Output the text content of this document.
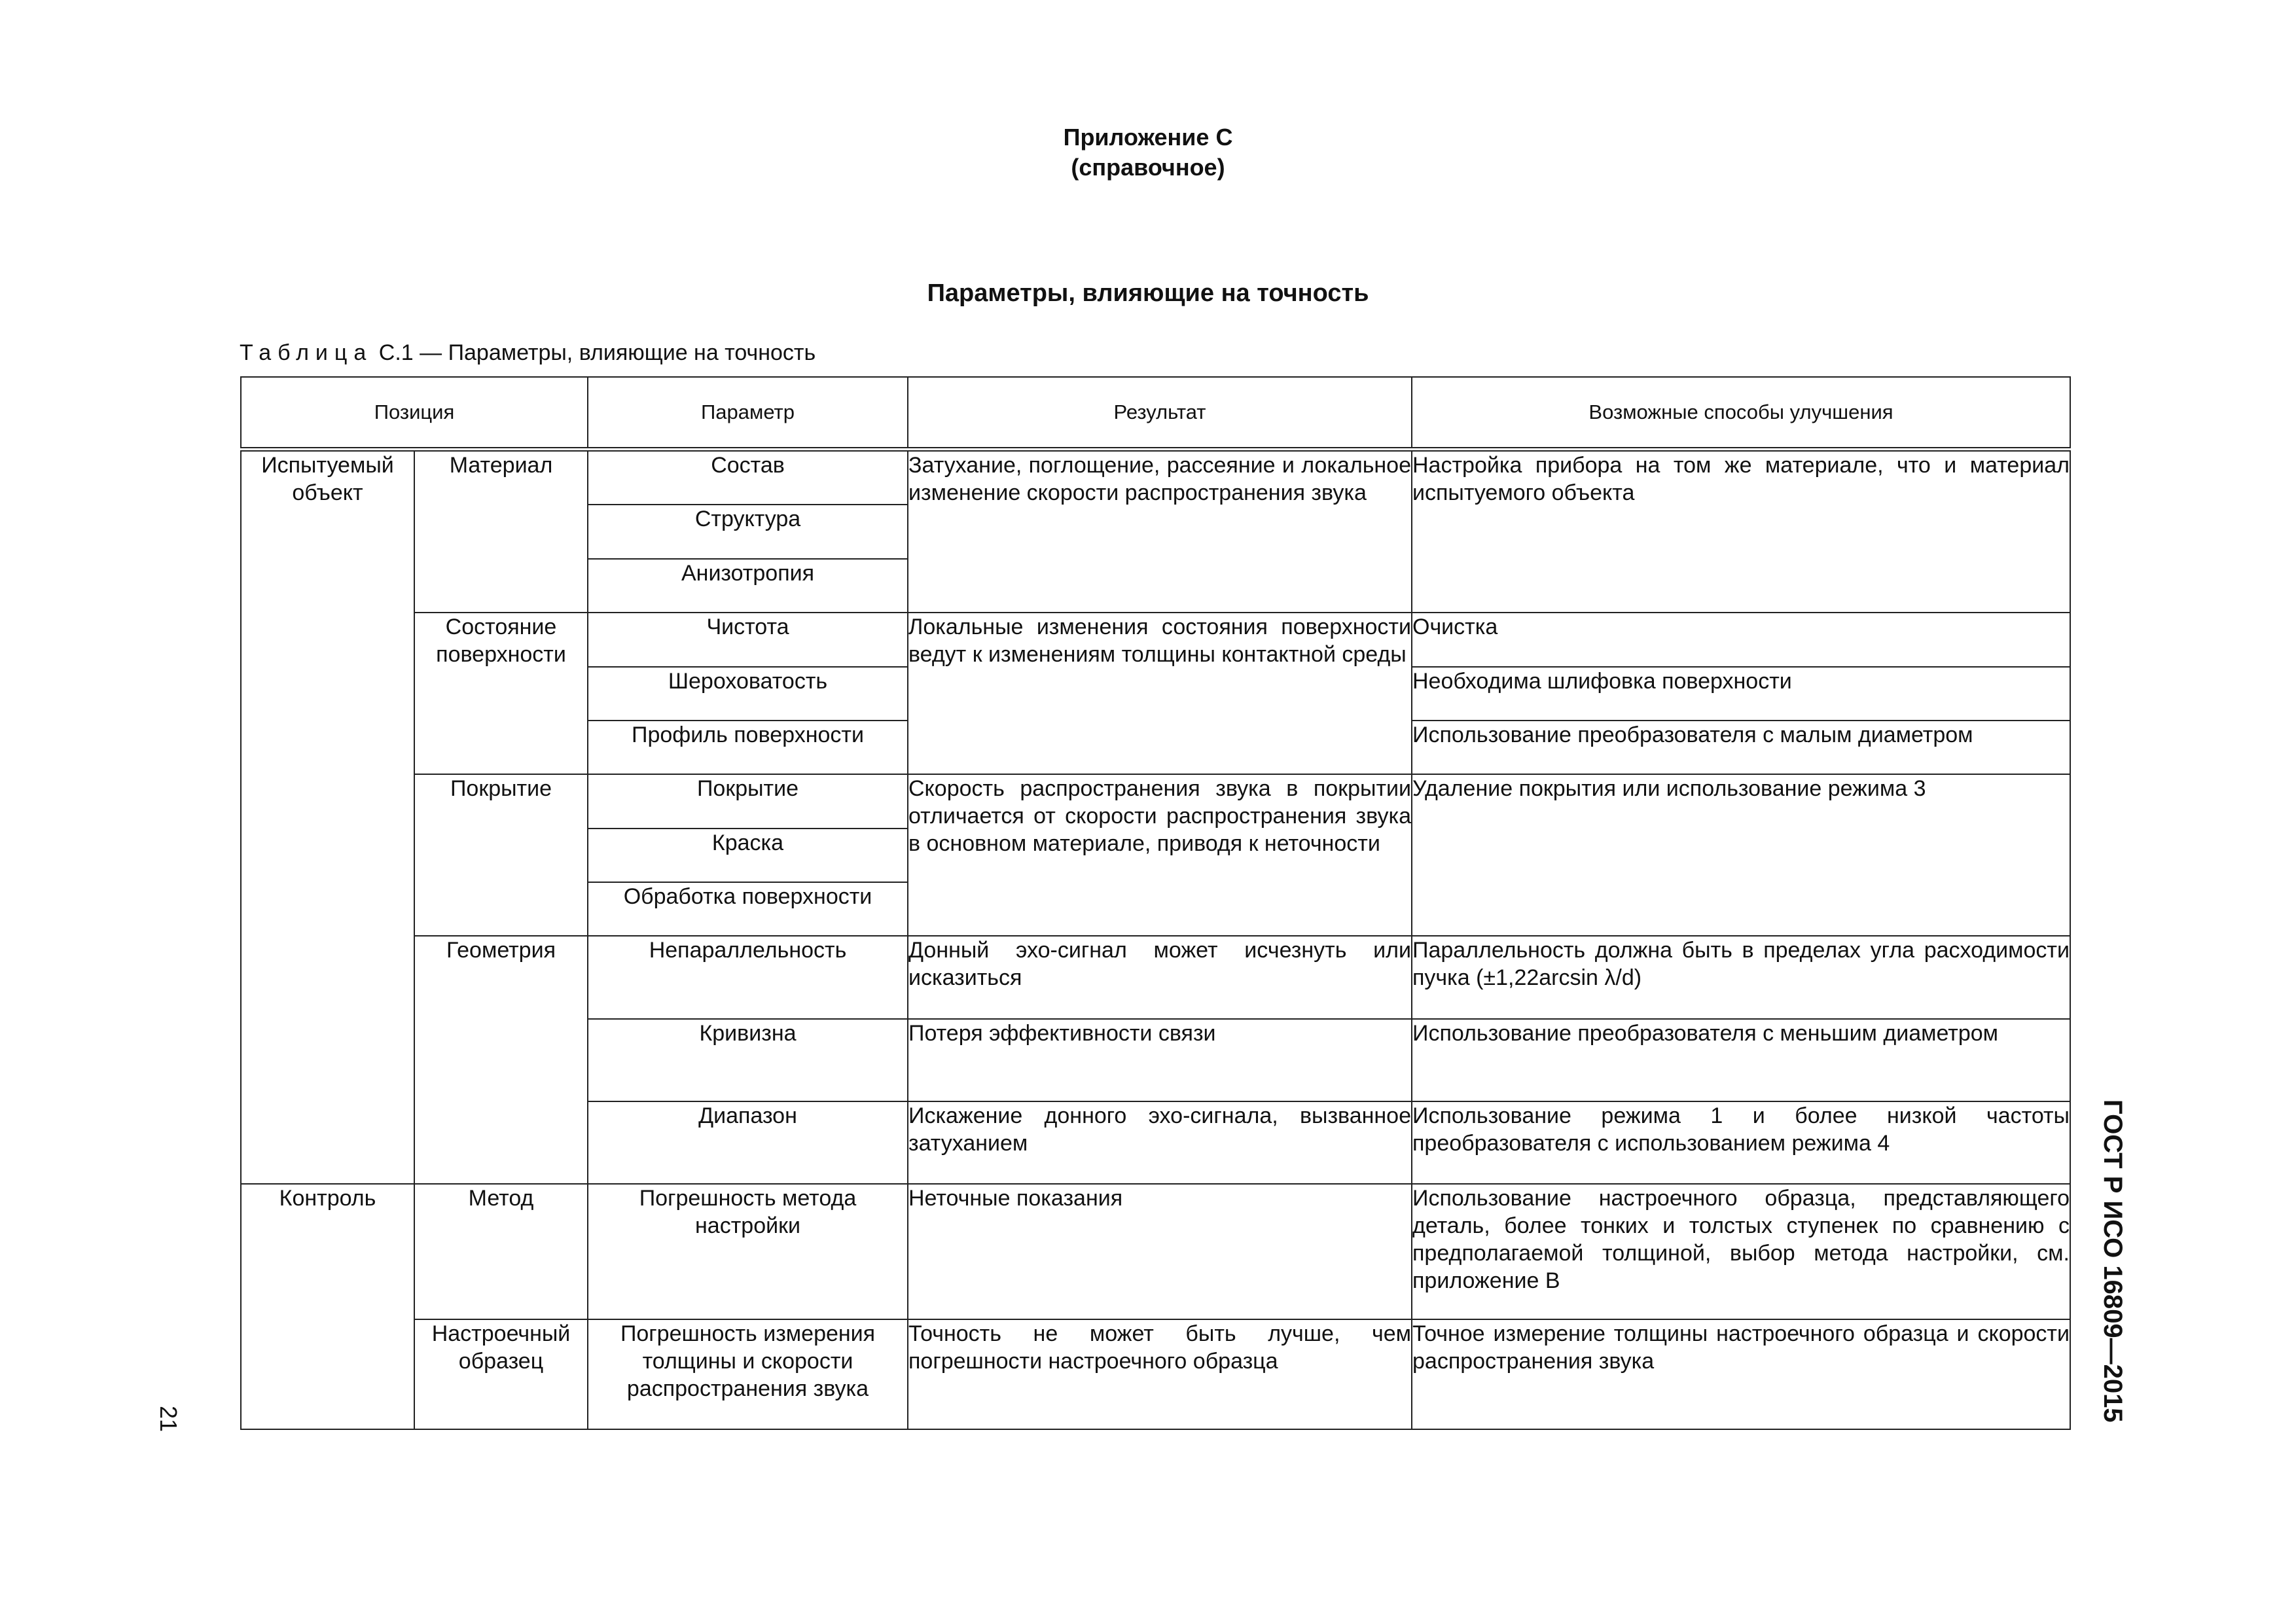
Приложение С
(справочное)
Параметры, влияющие на точность
Таблица С.1 — Параметры, влияющие на точность
Позиция		Параметр	Результат	Возможные способы улучшения
Испытуемый объект	Материал	Состав	Затухание, поглощение, рассеяние и локальное изменение скорости распространения звука	Настройка прибора на том же материале, что и материал испытуемого объекта
		Структура		
		Анизотропия		
	Состояние поверхности	Чистота	Локальные изменения состояния поверхности ведут к изменениям толщины контактной среды	Очистка
		Шероховатость		Необходима шлифовка поверхности
		Профиль поверхности		Использование преобразователя с малым диаметром
	Покрытие	Покрытие	Скорость распространения звука в покрытии отличается от скорости распространения звука в основном материале, приводя к неточности	Удаление покрытия или использование режима 3
		Краска		
		Обработка поверхности		
	Геометрия	Непараллельность	Донный эхо-сигнал может исчезнуть или исказиться	Параллельность должна быть в пределах угла расходимости пучка (±1,22arcsin λ/d)
		Кривизна	Потеря эффективности связи	Использование преобразователя с меньшим диаметром
		Диапазон	Искажение донного эхо-сигнала, вызванное затуханием	Использование режима 1 и более низкой частоты преобразователя с использованием режима 4
Контроль	Метод	Погрешность метода настройки	Неточные показания	Использование настроечного образца, представляющего деталь, более тонких и толстых ступенек по сравнению с предполагаемой толщиной, выбор метода настройки, см. приложение В
	Настроечный образец	Погрешность измерения толщины и скорости распространения звука	Точность не может быть лучше, чем погрешности настроечного образца	Точное измерение толщины настроечного образца и скорости распространения звука	ГОСТ Р ИСО 16809—2015
21
